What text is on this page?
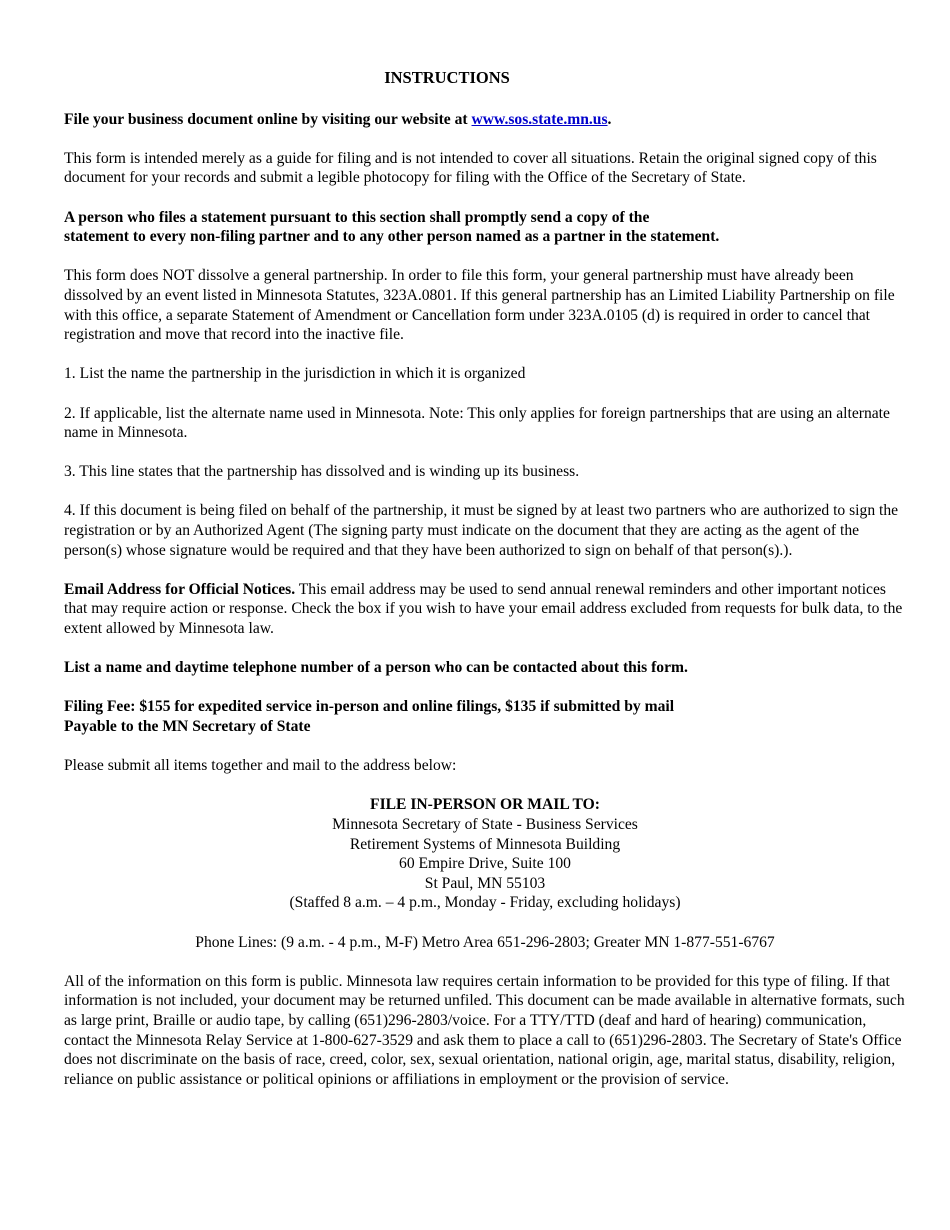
INSTRUCTIONS

File your business document online by visiting our website at www.sos.state.mn.us.

This form is intended merely as a guide for filing and is not intended to cover all situations. Retain the original signed copy of this document for your records and submit a legible photocopy for filing with the Office of the Secretary of State.

A person who files a statement pursuant to this section shall promptly send a copy of the
statement to every non-filing partner and to any other person named as a partner in the statement.

This form does NOT dissolve a general partnership. In order to file this form, your general partnership must have already been dissolved by an event listed in Minnesota Statutes, 323A.0801. If this general partnership has an Limited Liability Partnership on file with this office, a separate Statement of Amendment or Cancellation form under 323A.0105 (d) is required in order to cancel that registration and move that record into the inactive file.

1. List the name the partnership in the jurisdiction in which it is organized

2. If applicable, list the alternate name used in Minnesota. Note: This only applies for foreign partnerships that are using an alternate name in Minnesota.

3. This line states that the partnership has dissolved and is winding up its business.

4. If this document is being filed on behalf of the partnership, it must be signed by at least two partners who are authorized to sign the registration or by an Authorized Agent (The signing party must indicate on the document that they are acting as the agent of the person(s) whose signature would be required and that they have been authorized to sign on behalf of that person(s).).

Email Address for Official Notices. This email address may be used to send annual renewal reminders and other important notices that may require action or response. Check the box if you wish to have your email address excluded from requests for bulk data, to the extent allowed by Minnesota law.

List a name and daytime telephone number of a person who can be contacted about this form.

Filing Fee: $155 for expedited service in-person and online filings, $135 if submitted by mail
Payable to the MN Secretary of State

Please submit all items together and mail to the address below:

FILE IN-PERSON OR MAIL TO:
Minnesota Secretary of State - Business Services
Retirement Systems of Minnesota Building
60 Empire Drive, Suite 100
St Paul, MN 55103
(Staffed 8 a.m. – 4 p.m., Monday - Friday, excluding holidays)

Phone Lines: (9 a.m. - 4 p.m., M-F) Metro Area 651-296-2803; Greater MN 1-877-551-6767

All of the information on this form is public. Minnesota law requires certain information to be provided for this type of filing. If that information is not included, your document may be returned unfiled. This document can be made available in alternative formats, such as large print, Braille or audio tape, by calling (651)296-2803/voice. For a TTY/TTD (deaf and hard of hearing) communication, contact the Minnesota Relay Service at 1-800-627-3529 and ask them to place a call to (651)296-2803. The Secretary of State's Office does not discriminate on the basis of race, creed, color, sex, sexual orientation, national origin, age, marital status, disability, religion, reliance on public assistance or political opinions or affiliations in employment or the provision of service.
